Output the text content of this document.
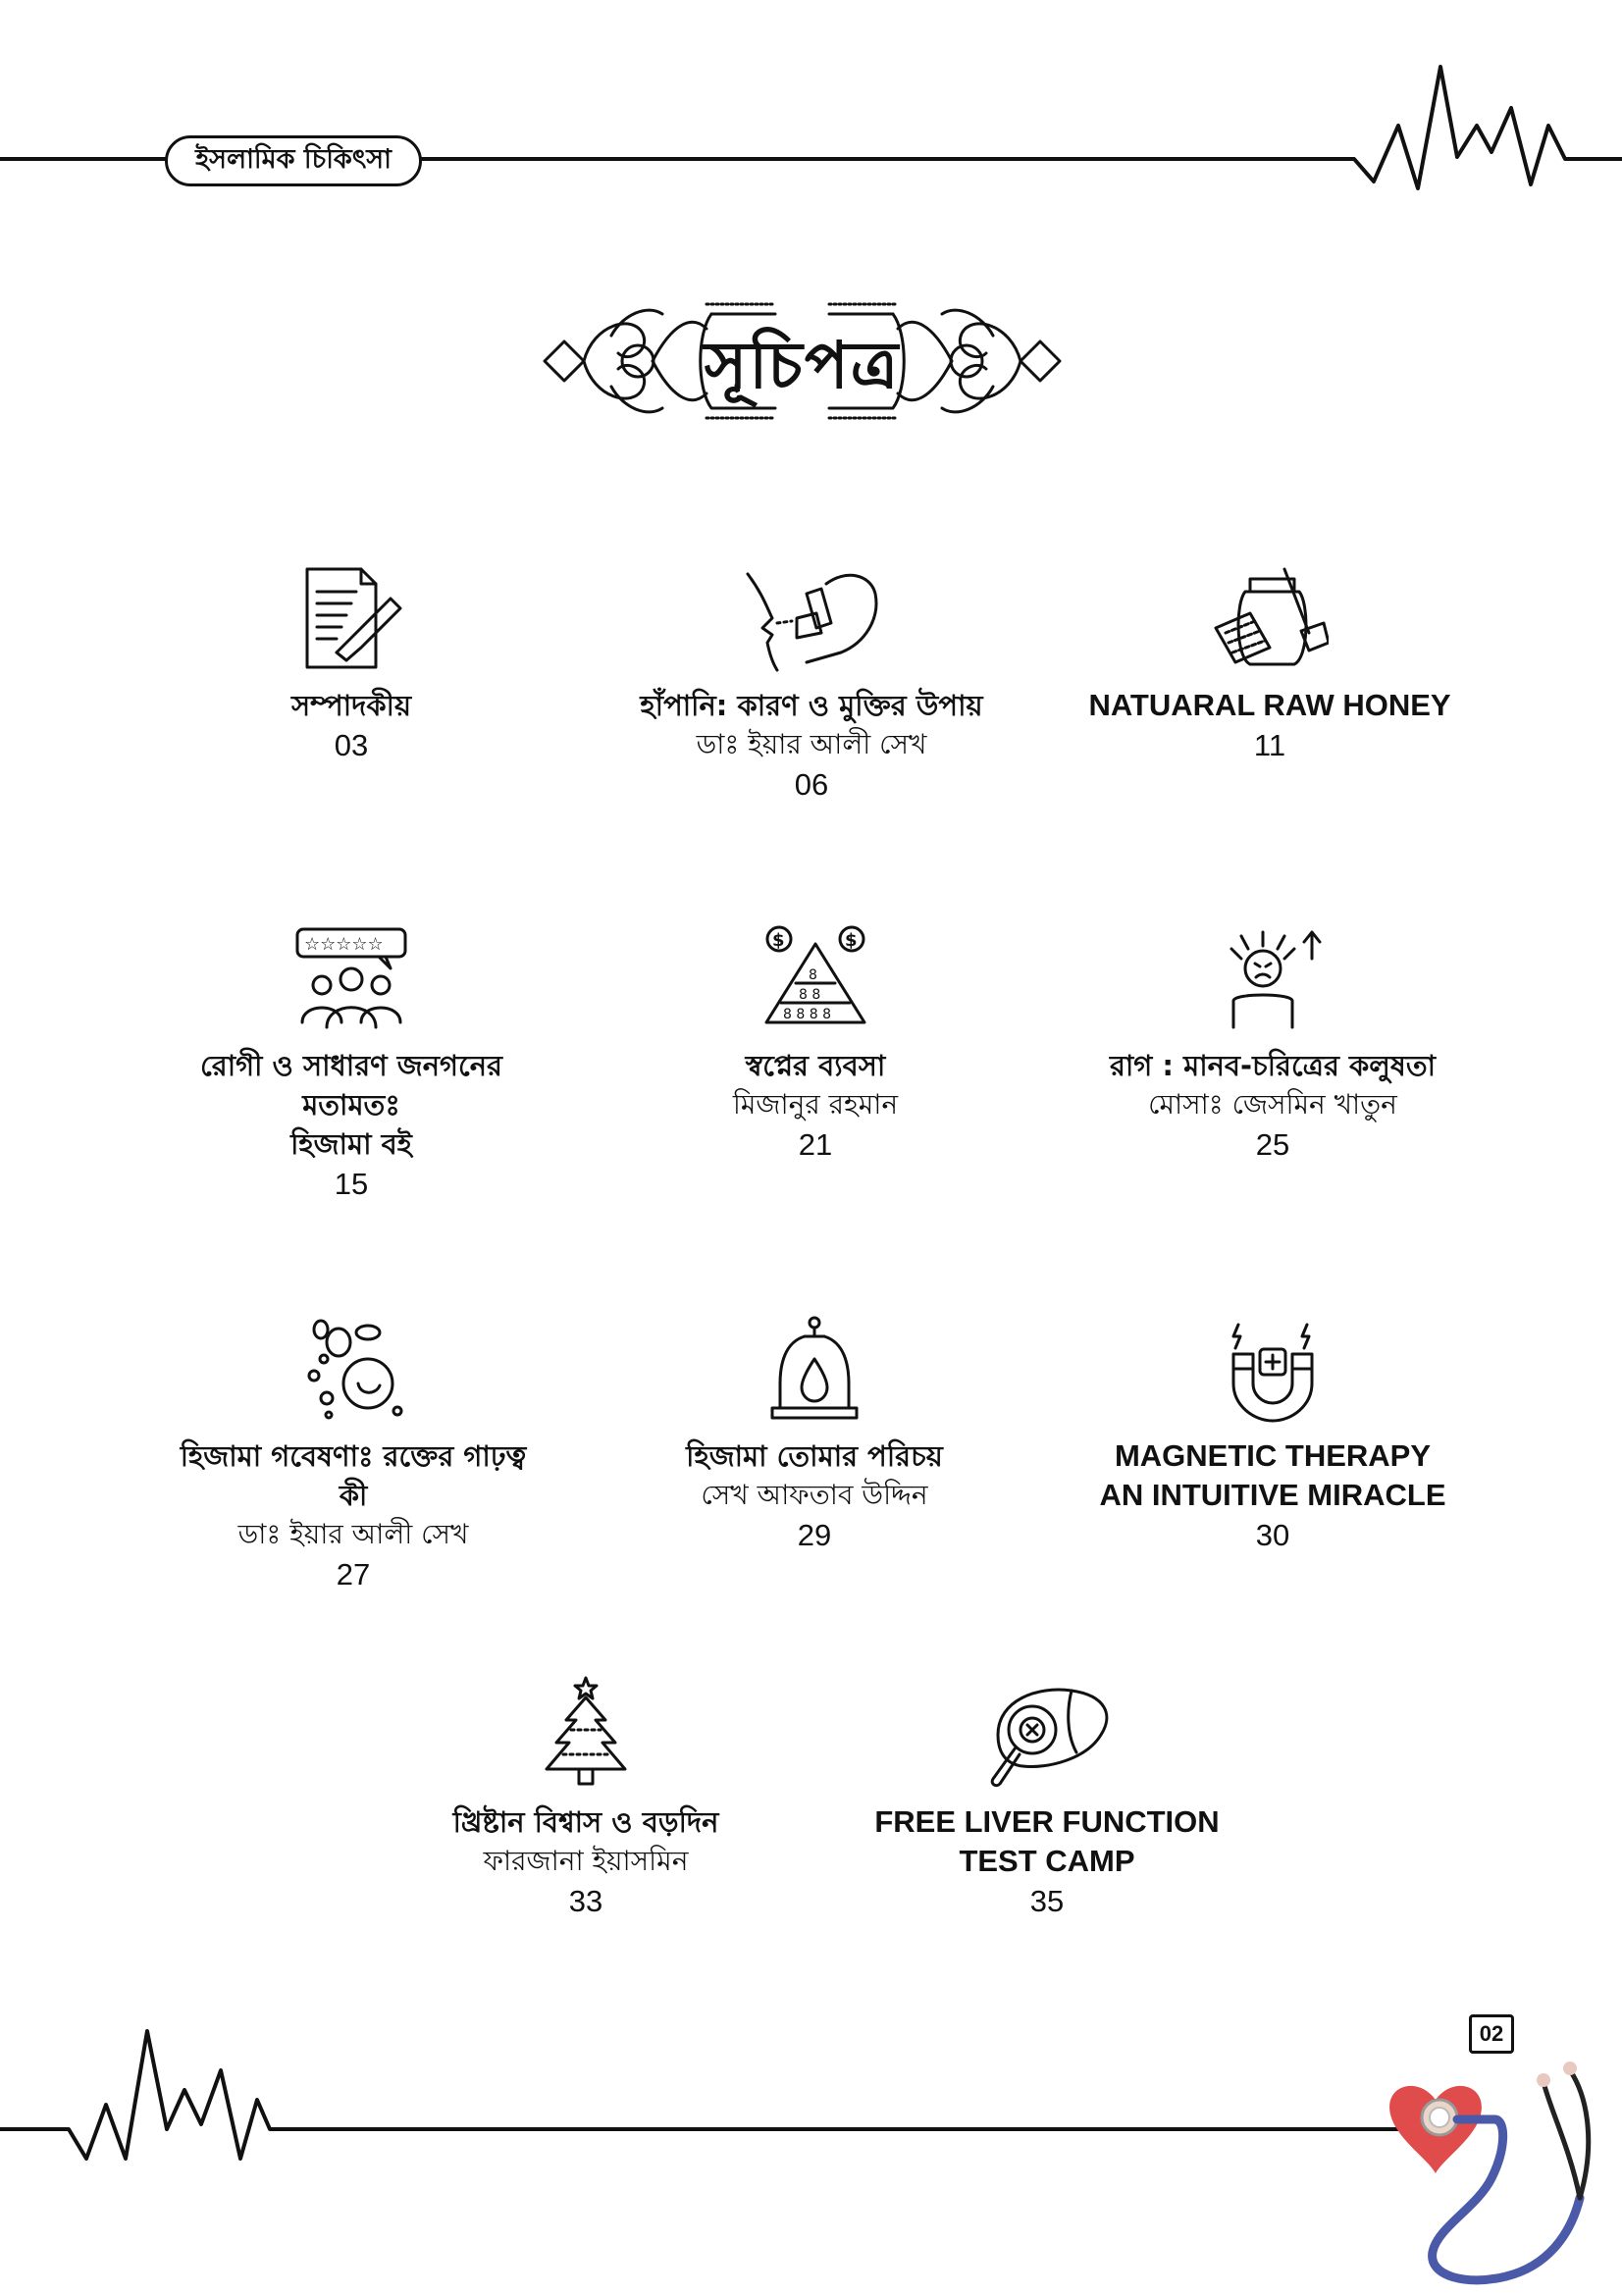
ইসলামিক চিকিৎসা
সূচিপত্র
সম্পাদকীয়
03
হাঁপানি: কারণ ও মুক্তির উপায়
ডাঃ ইয়ার আলী সেখ
06
NATUARAL RAW HONEY
11
☆☆☆☆☆
রোগী ও সাধারণ জনগনের
মতামতঃ
হিজামা বই
15
$	$
8
8 8
8 8 8 8
স্বপ্নের ব্যবসা
মিজানুর রহমান
21
রাগ : মানব-চরিত্রের কলুষতা
মোসাঃ জেসমিন খাতুন
25
হিজামা গবেষণাঃ রক্তের গাঢ়ত্ব
কী
ডাঃ ইয়ার আলী সেখ
27
হিজামা তোমার পরিচয়
সেখ আফতাব উদ্দিন
29
MAGNETIC THERAPY
AN INTUITIVE MIRACLE
30
খ্রিষ্টান বিশ্বাস ও বড়দিন
ফারজানা ইয়াসমিন
33
FREE LIVER FUNCTION
TEST CAMP
35
02
